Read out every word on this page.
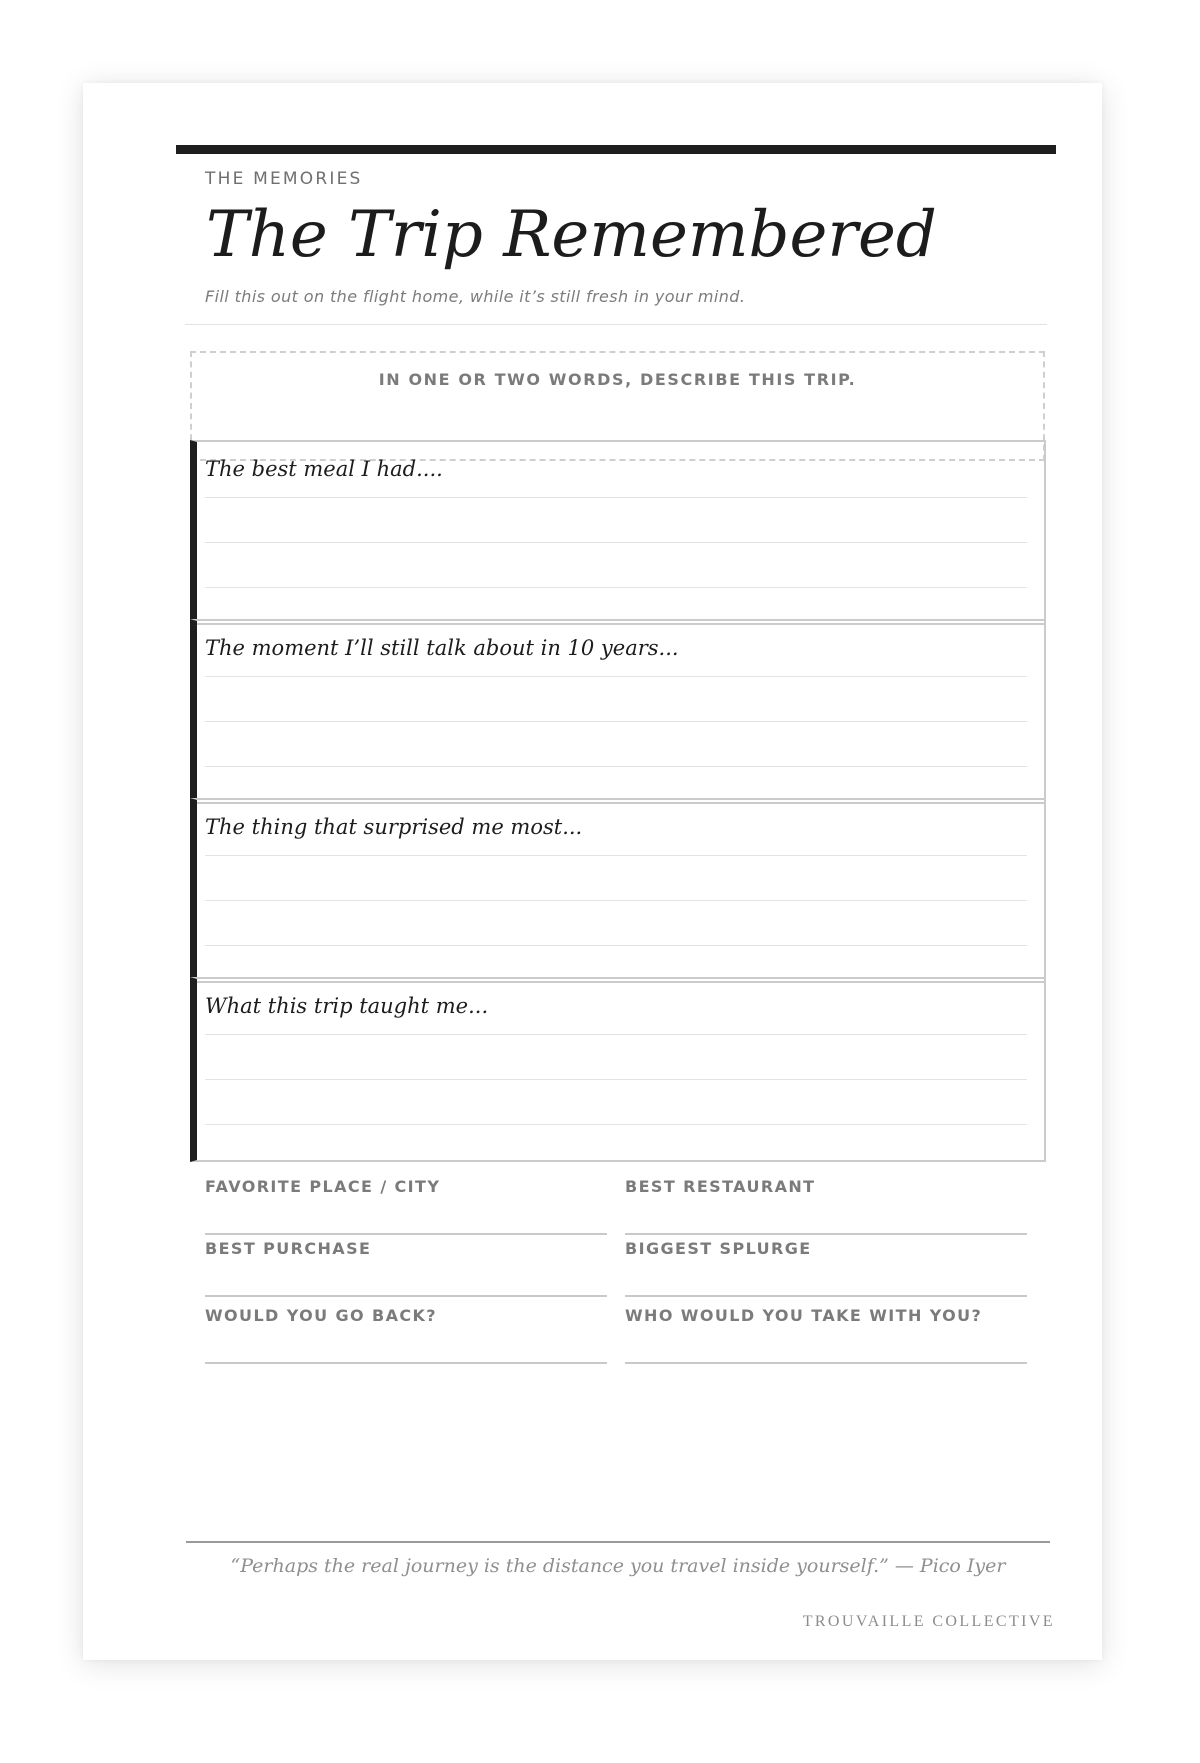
THE MEMORIES
The Trip Remembered
Fill this out on the flight home, while it’s still fresh in your mind.
IN ONE OR TWO WORDS, DESCRIBE THIS TRIP.
The best meal I had....
The moment I’ll still talk about in 10 years...
The thing that surprised me most...
What this trip taught me...
FAVORITE PLACE / CITY	BEST RESTAURANT
BEST PURCHASE	BIGGEST SPLURGE
WOULD YOU GO BACK?	WHO WOULD YOU TAKE WITH YOU?
“Perhaps the real journey is the distance you travel inside yourself.” — Pico Iyer
TROUVAILLE COLLECTIVE
